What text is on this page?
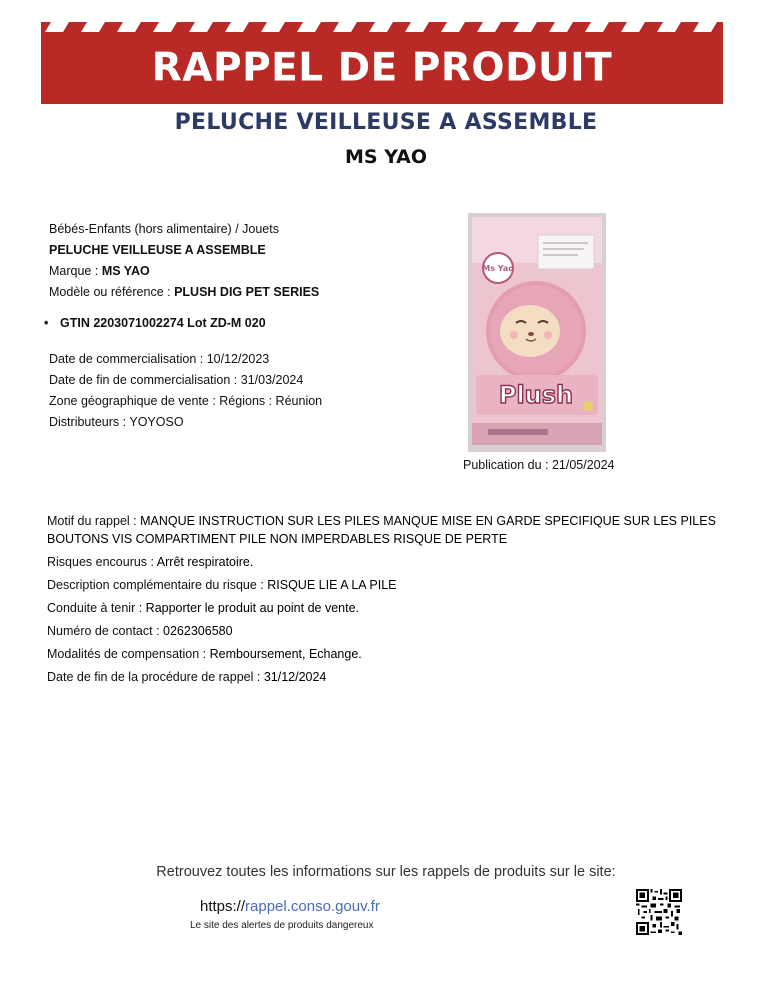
RAPPEL DE PRODUIT
PELUCHE VEILLEUSE A ASSEMBLE
MS YAO
Bébés-Enfants (hors alimentaire) / Jouets
PELUCHE VEILLEUSE A ASSEMBLE
Marque : MS YAO
Modèle ou référence : PLUSH DIG PET SERIES
• GTIN 2203071002274 Lot ZD-M 020
Date de commercialisation : 10/12/2023
Date de fin de commercialisation : 31/03/2024
Zone géographique de vente : Régions : Réunion
Distributeurs : YOYOSO
Ms Yao
Plush
Publication du : 21/05/2024
Motif du rappel : MANQUE INSTRUCTION SUR LES PILES MANQUE MISE EN GARDE SPECIFIQUE SUR LES PILES BOUTONS VIS COMPARTIMENT PILE NON IMPERDABLES RISQUE DE PERTE
Risques encourus : Arrêt respiratoire.
Description complémentaire du risque : RISQUE LIE A LA PILE
Conduite à tenir : Rapporter le produit au point de vente.
Numéro de contact : 0262306580
Modalités de compensation : Remboursement, Echange.
Date de fin de la procédure de rappel : 31/12/2024
Retrouvez toutes les informations sur les rappels de produits sur le site:
https://rappel.conso.gouv.fr
Le site des alertes de produits dangereux
